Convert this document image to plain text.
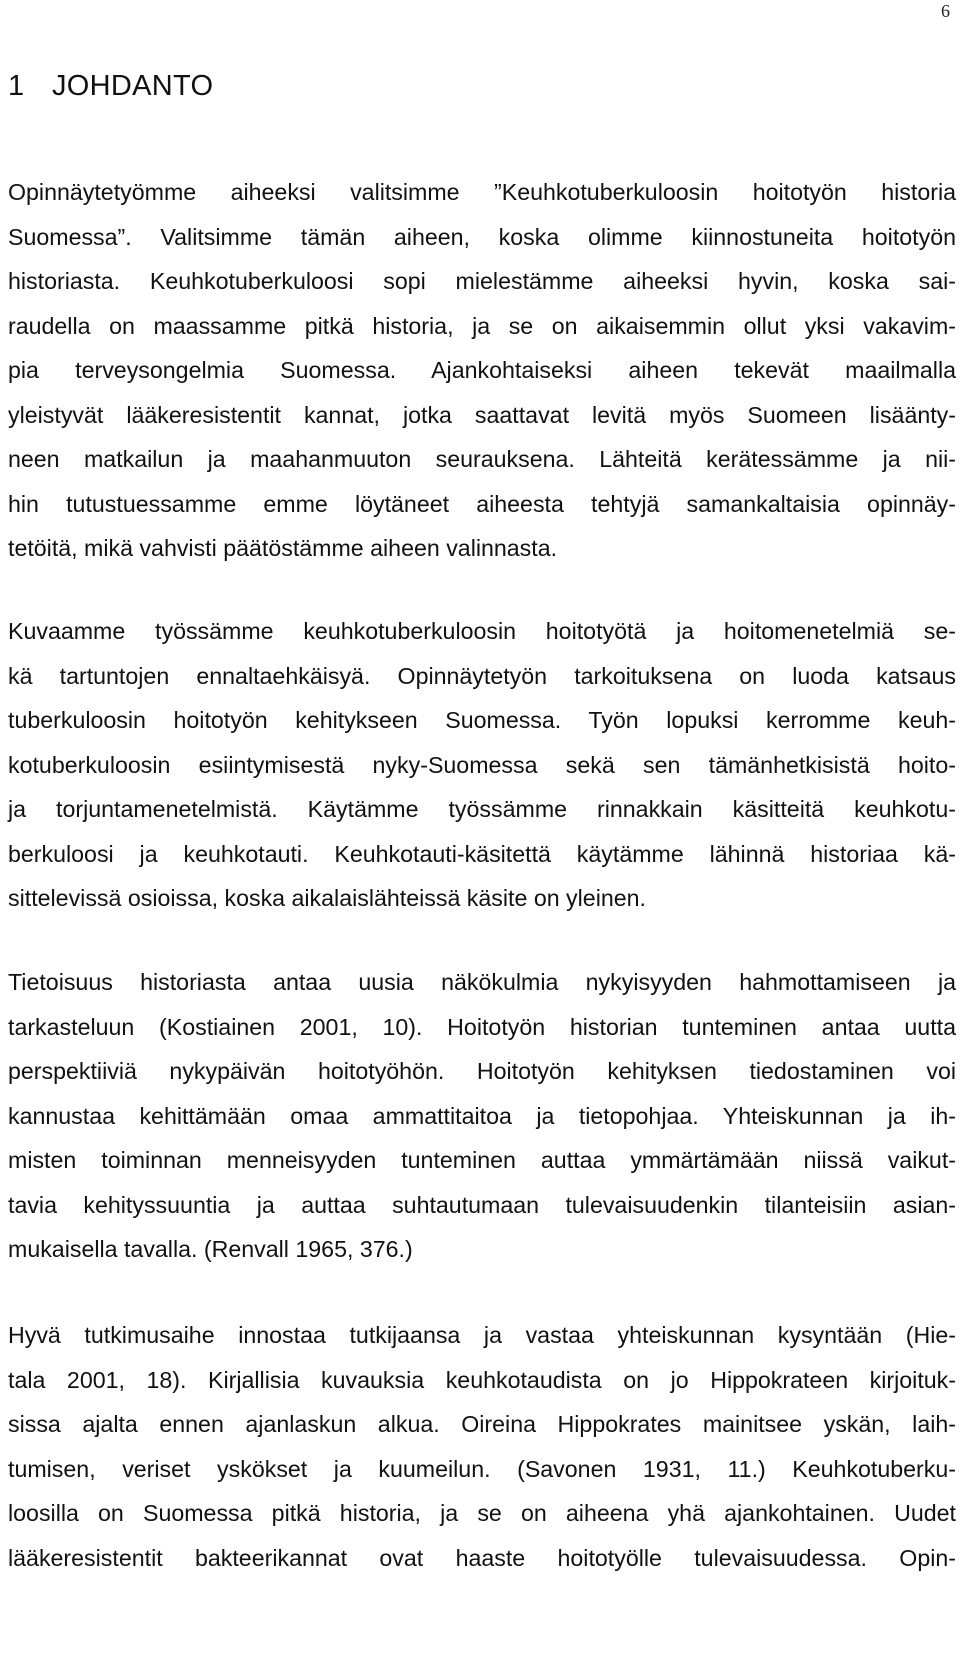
6
1 JOHDANTO
Opinnäytetyömme aiheeksi valitsimme ”Keuhkotuberkuloosin hoitotyön historia
Suomessa”. Valitsimme tämän aiheen, koska olimme kiinnostuneita hoitotyön
historiasta. Keuhkotuberkuloosi sopi mielestämme aiheeksi hyvin, koska sai-
raudella on maassamme pitkä historia, ja se on aikaisemmin ollut yksi vakavim-
pia terveysongelmia Suomessa. Ajankohtaiseksi aiheen tekevät maailmalla
yleistyvät lääkeresistentit kannat, jotka saattavat levitä myös Suomeen lisäänty-
neen matkailun ja maahanmuuton seurauksena. Lähteitä kerätessämme ja nii-
hin tutustuessamme emme löytäneet aiheesta tehtyjä samankaltaisia opinnäy-
tetöitä, mikä vahvisti päätöstämme aiheen valinnasta.
Kuvaamme työssämme keuhkotuberkuloosin hoitotyötä ja hoitomenetelmiä se-
kä tartuntojen ennaltaehkäisyä. Opinnäytetyön tarkoituksena on luoda katsaus
tuberkuloosin hoitotyön kehitykseen Suomessa. Työn lopuksi kerromme keuh-
kotuberkuloosin esiintymisestä nyky-Suomessa sekä sen tämänhetkisistä hoito-
ja torjuntamenetelmistä. Käytämme työssämme rinnakkain käsitteitä keuhkotu-
berkuloosi ja keuhkotauti. Keuhkotauti-käsitettä käytämme lähinnä historiaa kä-
sittelevissä osioissa, koska aikalaislähteissä käsite on yleinen.
Tietoisuus historiasta antaa uusia näkökulmia nykyisyyden hahmottamiseen ja
tarkasteluun (Kostiainen 2001, 10). Hoitotyön historian tunteminen antaa uutta
perspektiiviä nykypäivän hoitotyöhön. Hoitotyön kehityksen tiedostaminen voi
kannustaa kehittämään omaa ammattitaitoa ja tietopohjaa. Yhteiskunnan ja ih-
misten toiminnan menneisyyden tunteminen auttaa ymmärtämään niissä vaikut-
tavia kehityssuuntia ja auttaa suhtautumaan tulevaisuudenkin tilanteisiin asian-
mukaisella tavalla. (Renvall 1965, 376.)
Hyvä tutkimusaihe innostaa tutkijaansa ja vastaa yhteiskunnan kysyntään (Hie-
tala 2001, 18). Kirjallisia kuvauksia keuhkotaudista on jo Hippokrateen kirjoituk-
sissa ajalta ennen ajanlaskun alkua. Oireina Hippokrates mainitsee yskän, laih-
tumisen, veriset yskökset ja kuumeilun. (Savonen 1931, 11.) Keuhkotuberku-
loosilla on Suomessa pitkä historia, ja se on aiheena yhä ajankohtainen. Uudet
lääkeresistentit bakteerikannat ovat haaste hoitotyölle tulevaisuudessa. Opin-
